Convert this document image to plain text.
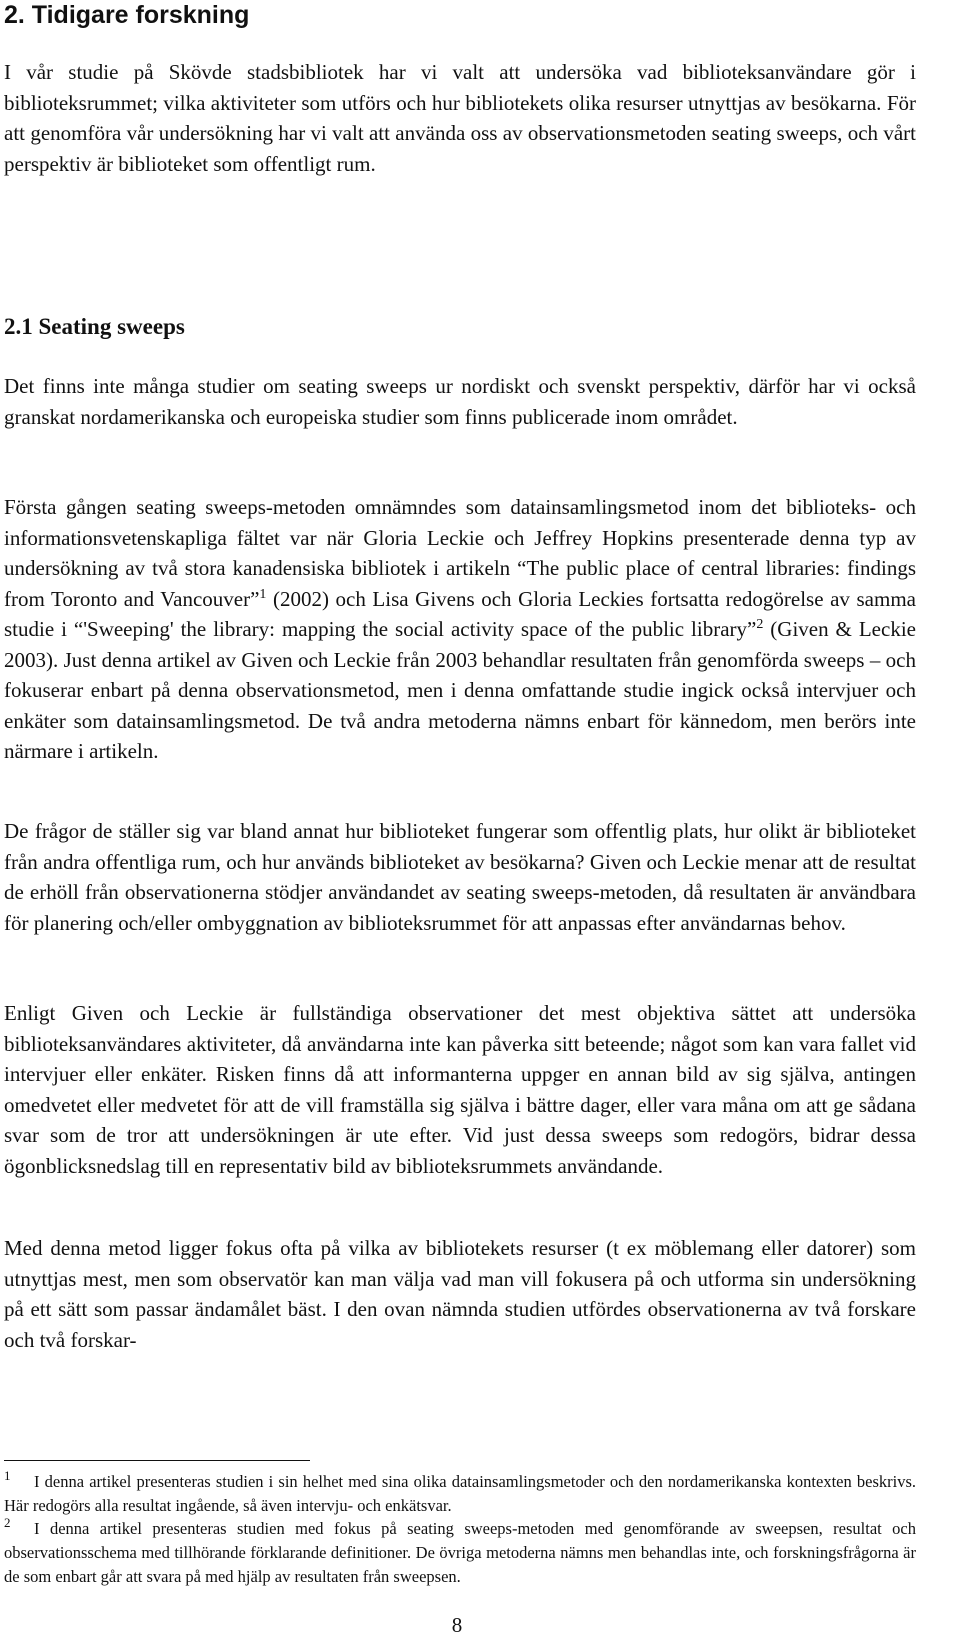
2. Tidigare forskning

I vår studie på Skövde stadsbibliotek har vi valt att undersöka vad biblioteksanvändare gör i biblioteksrummet; vilka aktiviteter som utförs och hur bibliotekets olika resurser utnyttjas av besökarna. För att genomföra vår undersökning har vi valt att använda oss av observationsmetoden seating sweeps, och vårt perspektiv är biblioteket som offentligt rum.

2.1 Seating sweeps

Det finns inte många studier om seating sweeps ur nordiskt och svenskt perspektiv, därför har vi också granskat nordamerikanska och europeiska studier som finns publicerade inom området.

Första gången seating sweeps-metoden omnämndes som datainsamlingsmetod inom det biblioteks- och informationsvetenskapliga fältet var när Gloria Leckie och Jeffrey Hopkins presenterade denna typ av undersökning av två stora kanadensiska bibliotek i artikeln “The public place of central libraries: findings from Toronto and Vancouver”$^1$ (2002) och Lisa Givens och Gloria Leckies fortsatta redogörelse av samma studie i “'Sweeping' the library: mapping the social activity space of the public library”$^2$ (Given & Leckie 2003). Just denna artikel av Given och Leckie från 2003 behandlar resultaten från genomförda sweeps – och fokuserar enbart på denna observationsmetod, men i denna omfattande studie ingick också intervjuer och enkäter som datainsamlingsmetod. De två andra metoderna nämns enbart för kännedom, men berörs inte närmare i artikeln.

De frågor de ställer sig var bland annat hur biblioteket fungerar som offentlig plats, hur olikt är biblioteket från andra offentliga rum, och hur används biblioteket av besökarna? Given och Leckie menar att de resultat de erhöll från observationerna stödjer användandet av seating sweeps-metoden, då resultaten är användbara för planering och/eller ombyggnation av biblioteksrummet för att anpassas efter användarnas behov.

Enligt Given och Leckie är fullständiga observationer det mest objektiva sättet att undersöka biblioteksanvändares aktiviteter, då användarna inte kan påverka sitt beteende; något som kan vara fallet vid intervjuer eller enkäter. Risken finns då att informanterna uppger en annan bild av sig själva, antingen omedvetet eller medvetet för att de vill framställa sig själva i bättre dager, eller vara måna om att ge sådana svar som de tror att undersökningen är ute efter. Vid just dessa sweeps som redogörs, bidrar dessa ögonblicksnedslag till en representativ bild av biblioteksrummets användande.

Med denna metod ligger fokus ofta på vilka av bibliotekets resurser (t ex möblemang eller datorer) som utnyttjas mest, men som observatör kan man välja vad man vill fokusera på och utforma sin undersökning på ett sätt som passar ändamålet bäst. I den ovan nämnda studien utfördes observationerna av två forskare och två forskar-

1 I denna artikel presenteras studien i sin helhet med sina olika datainsamlingsmetoder och den nordamerikanska kontexten beskrivs. Här redogörs alla resultat ingående, så även intervju- och enkätsvar.

2 I denna artikel presenteras studien med fokus på seating sweeps-metoden med genomförande av sweepsen, resultat och observationsschema med tillhörande förklarande definitioner. De övriga metoderna nämns men behandlas inte, och forskningsfrågorna är de som enbart går att svara på med hjälp av resultaten från sweepsen.

8
